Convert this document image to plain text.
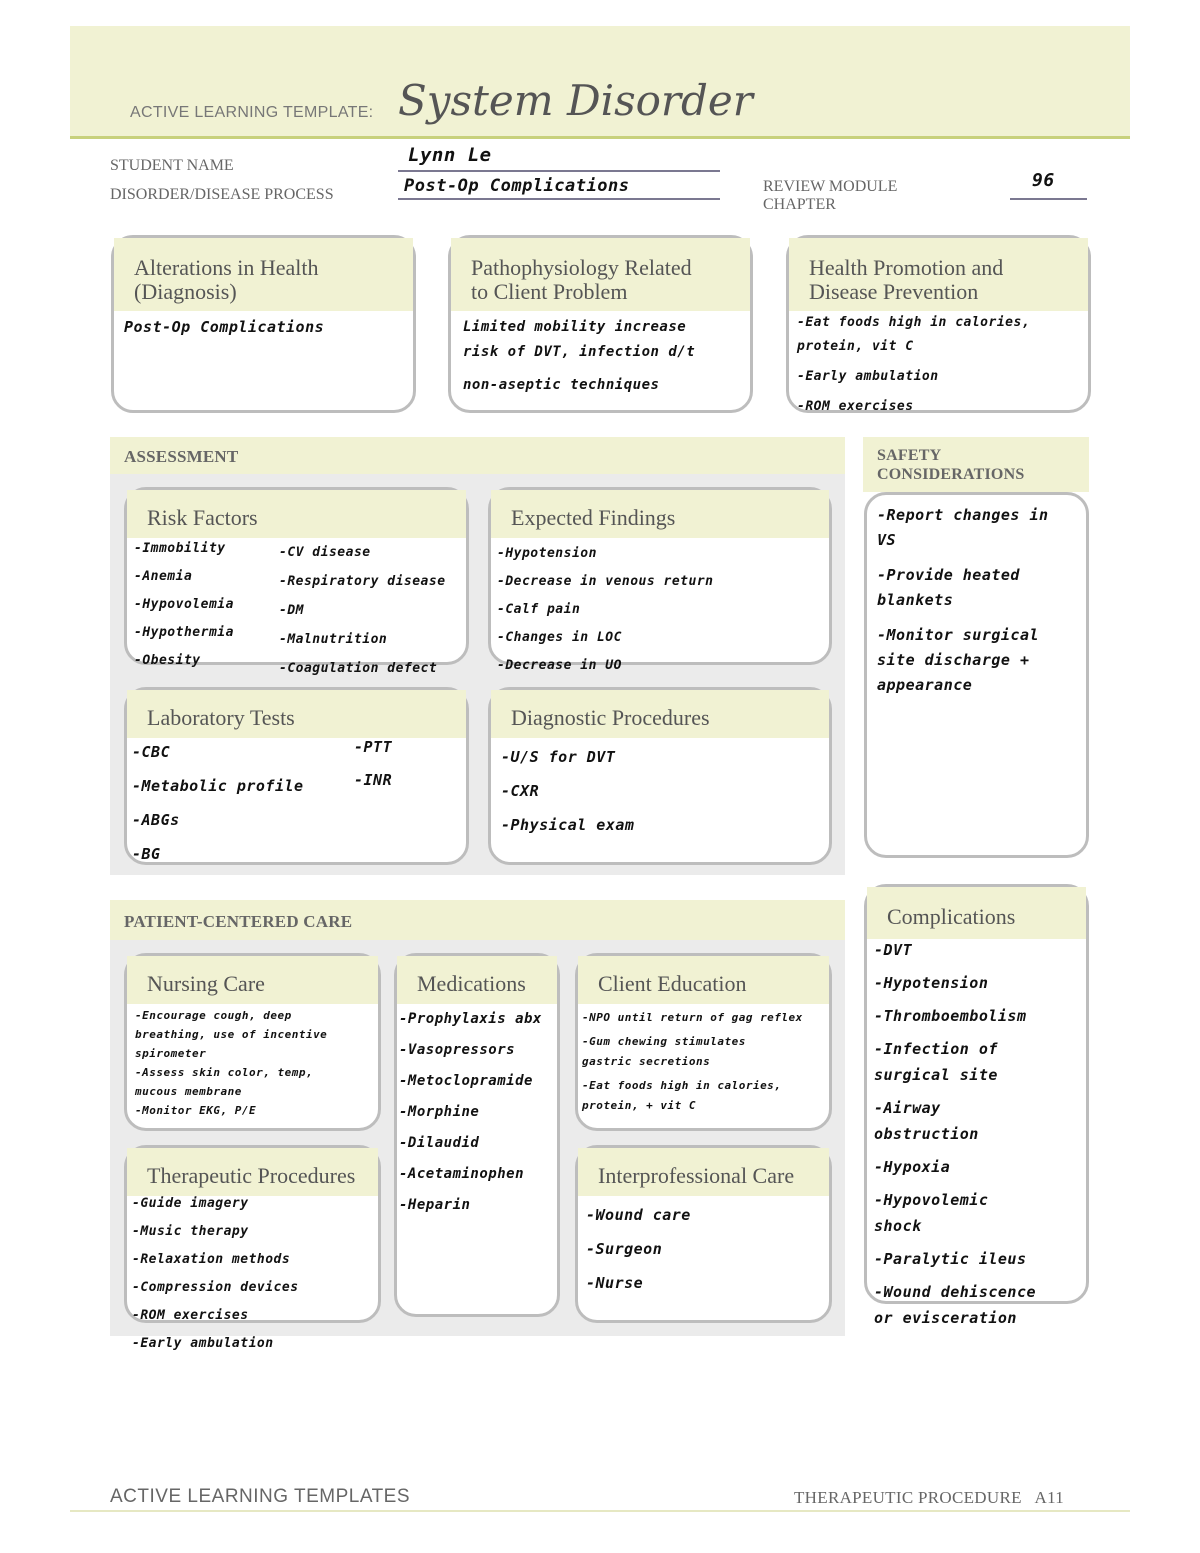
ACTIVE LEARNING TEMPLATE: System Disorder
STUDENT NAME	Lynn Le
DISORDER/DISEASE PROCESS	Post-Op Complications	REVIEW MODULE
CHAPTER
96
Alterations in Health
(Diagnosis)
Post-Op Complications
Pathophysiology Related
to Client Problem
Limited mobility increase
risk of DVT, infection d/t
non-aseptic techniques
Health Promotion and
Disease Prevention
-Eat foods high in calories,
protein, vit C
-Early ambulation
-ROM exercises
ASSESSMENT
Risk Factors
-Immobility
-Anemia
-Hypovolemia
-Hypothermia
-Obesity
-CV disease
-Respiratory disease
-DM
-Malnutrition
-Coagulation defect
Expected Findings
-Hypotension
-Decrease in venous return
-Calf pain
-Changes in LOC
-Decrease in UO
Laboratory Tests
-CBC
-Metabolic profile
-ABGs
-BG
-PTT
-INR
Diagnostic Procedures
-U/S for DVT
-CXR
-Physical exam
SAFETY
CONSIDERATIONS
-Report changes in
VS
-Provide heated
blankets
-Monitor surgical
site discharge +
appearance
PATIENT-CENTERED CARE
Nursing Care
-Encourage cough, deep
breathing, use of incentive
spirometer
-Assess skin color, temp,
mucous membrane
-Monitor EKG, P/E
Medications
-Prophylaxis abx
-Vasopressors
-Metoclopramide
-Morphine
-Dilaudid
-Acetaminophen
-Heparin
Client Education
-NPO until return of gag reflex
-Gum chewing stimulates
gastric secretions
-Eat foods high in calories,
protein, + vit C
Therapeutic Procedures
-Guide imagery
-Music therapy
-Relaxation methods
-Compression devices
-ROM exercises
-Early ambulation
Interprofessional Care
-Wound care
-Surgeon
-Nurse
Complications
-DVT
-Hypotension
-Thromboembolism
-Infection of
surgical site
-Airway
obstruction
-Hypoxia
-Hypovolemic
shock
-Paralytic ileus
-Wound dehiscence
or evisceration
ACTIVE LEARNING TEMPLATES	THERAPEUTIC PROCEDURE   A11
